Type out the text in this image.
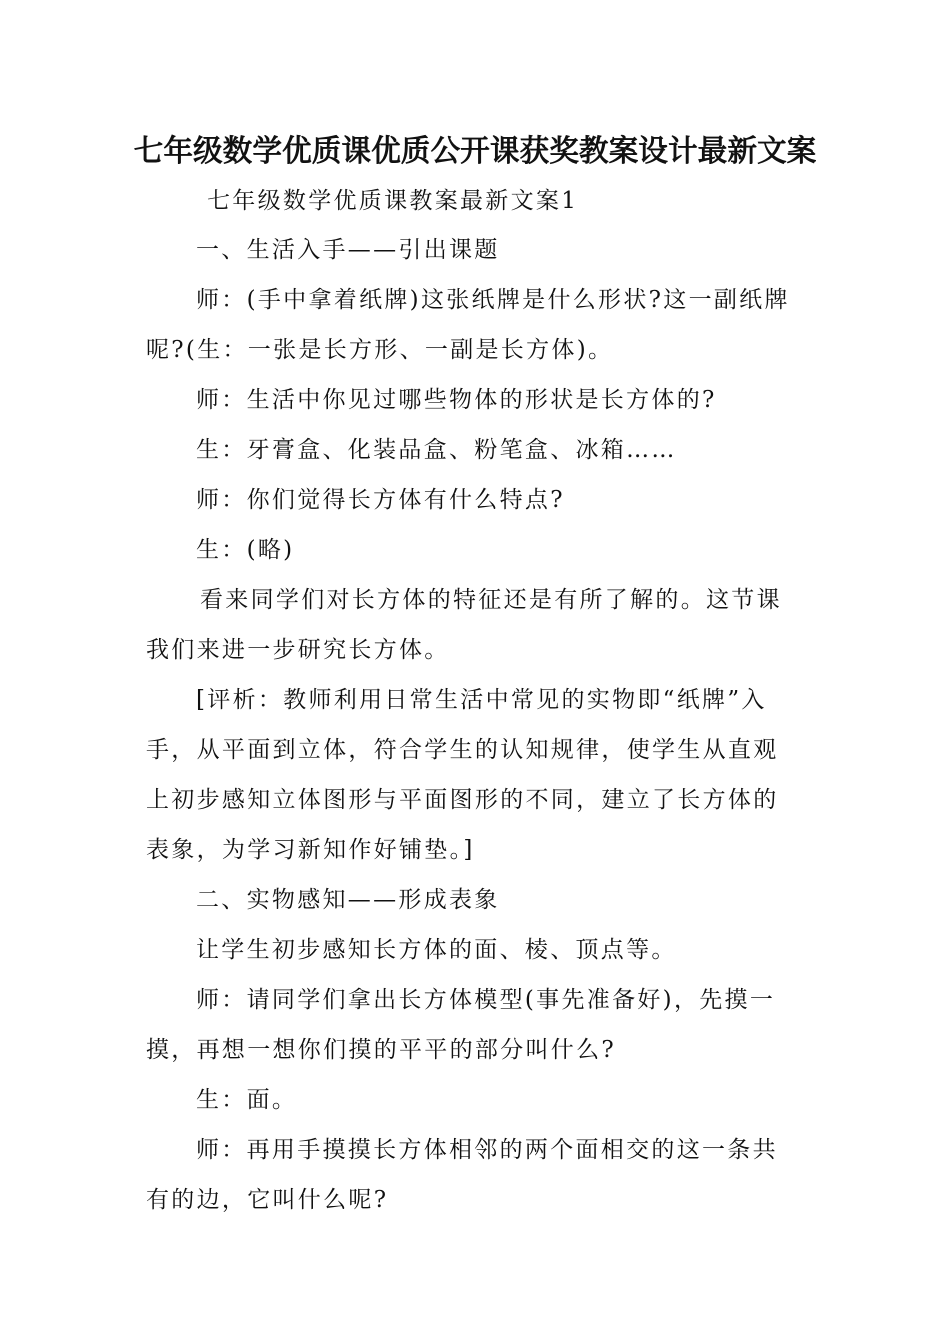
七年级数学优质课优质公开课获奖教案设计最新文案
七年级数学优质课教案最新文案1
一、生活入手——引出课题
师：(手中拿着纸牌)这张纸牌是什么形状?这一副纸牌
呢?(生：一张是长方形、一副是长方体)。
师：生活中你见过哪些物体的形状是长方体的?
生：牙膏盒、化装品盒、粉笔盒、冰箱……
师：你们觉得长方体有什么特点?
生：(略)
看来同学们对长方体的特征还是有所了解的。这节课
我们来进一步研究长方体。
[评析：教师利用日常生活中常见的实物即“纸牌”入
手，从平面到立体，符合学生的认知规律，使学生从直观
上初步感知立体图形与平面图形的不同，建立了长方体的
表象，为学习新知作好铺垫。]
二、实物感知——形成表象
让学生初步感知长方体的面、棱、顶点等。
师：请同学们拿出长方体模型(事先准备好)，先摸一
摸，再想一想你们摸的平平的部分叫什么?
生：面。
师：再用手摸摸长方体相邻的两个面相交的这一条共
有的边，它叫什么呢?
